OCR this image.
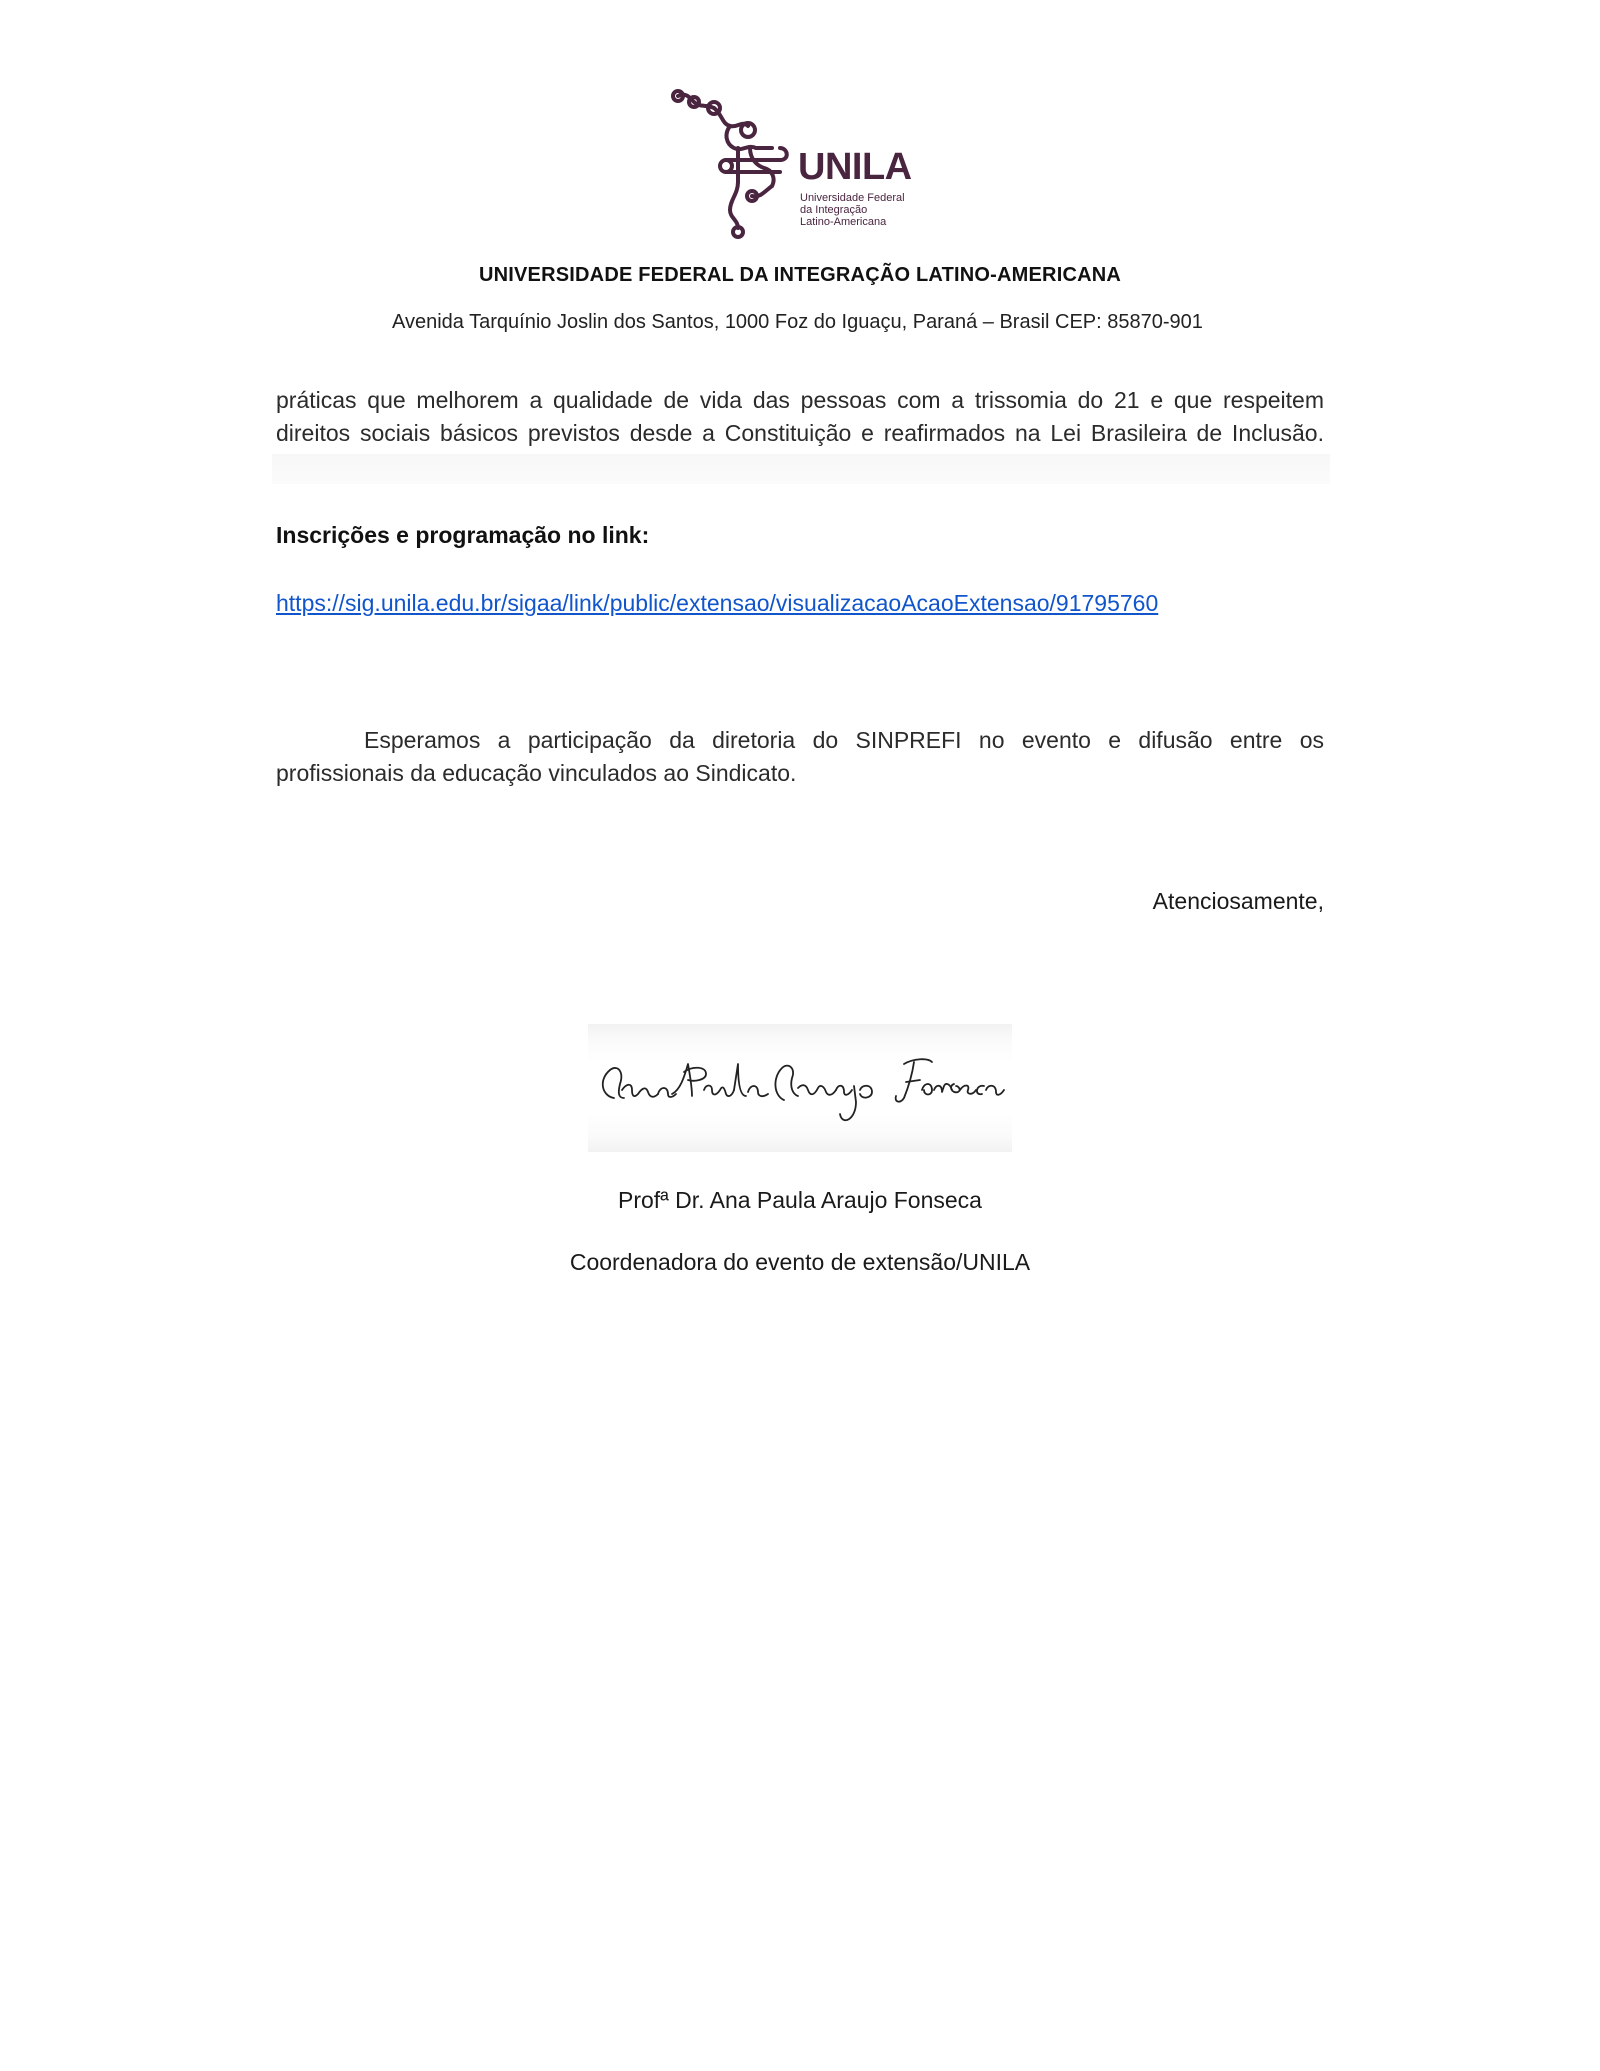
UNILA
Universidade Federal
da Integração
Latino-Americana
UNIVERSIDADE FEDERAL DA INTEGRAÇÃO LATINO-AMERICANA
Avenida Tarquínio Joslin dos Santos, 1000 Foz do Iguaçu, Paraná – Brasil CEP: 85870-901
práticas que melhorem a qualidade de vida das pessoas com a trissomia do 21 e que respeitem
direitos sociais básicos previstos desde a Constituição e reafirmados na Lei Brasileira de Inclusão.
Inscrições e programação no link:
https://sig.unila.edu.br/sigaa/link/public/extensao/visualizacaoAcaoExtensao/91795760
Esperamos a participação da diretoria do SINPREFI no evento e difusão entre os profissionais da educação vinculados ao Sindicato.
Atenciosamente,
Profª Dr. Ana Paula Araujo Fonseca
Coordenadora do evento de extensão/UNILA
